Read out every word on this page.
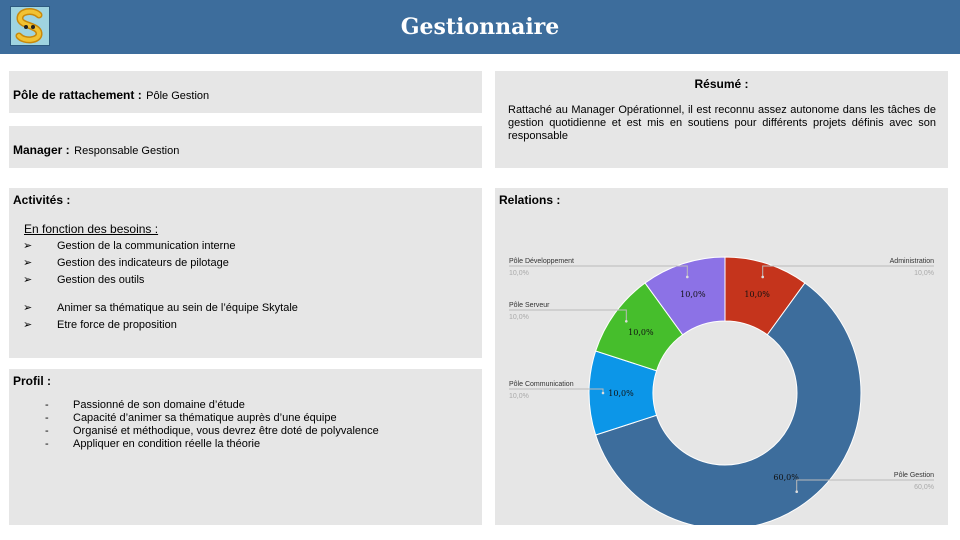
Gestionnaire
Pôle de rattachement : Pôle Gestion
Manager : Responsable Gestion
Résumé :
Rattaché au Manager Opérationnel, il est reconnu assez autonome dans les tâches de gestion quotidienne et est mis en soutiens pour différents projets définis avec son responsable
Activités :
En fonction des besoins :
➢ Gestion de la communication interne
➢ Gestion des indicateurs de pilotage
➢ Gestion des outils
➢ Animer sa thématique au sein de l’équipe Skytale
➢ Etre force de proposition
Profil :
- Passionné de son domaine d’étude
- Capacité d’animer sa thématique auprès d’une équipe
- Organisé et méthodique, vous devrez être doté de polyvalence
- Appliquer en condition réelle la théorie
Relations :
10,0%
Administration
10,0%
60,0%	Pôle Gestion
60,0%
10,0%
Pôle Communication
10,0%
10,0%
Pôle Serveur
10,0%
10,0%
Pôle Développement
10,0%
